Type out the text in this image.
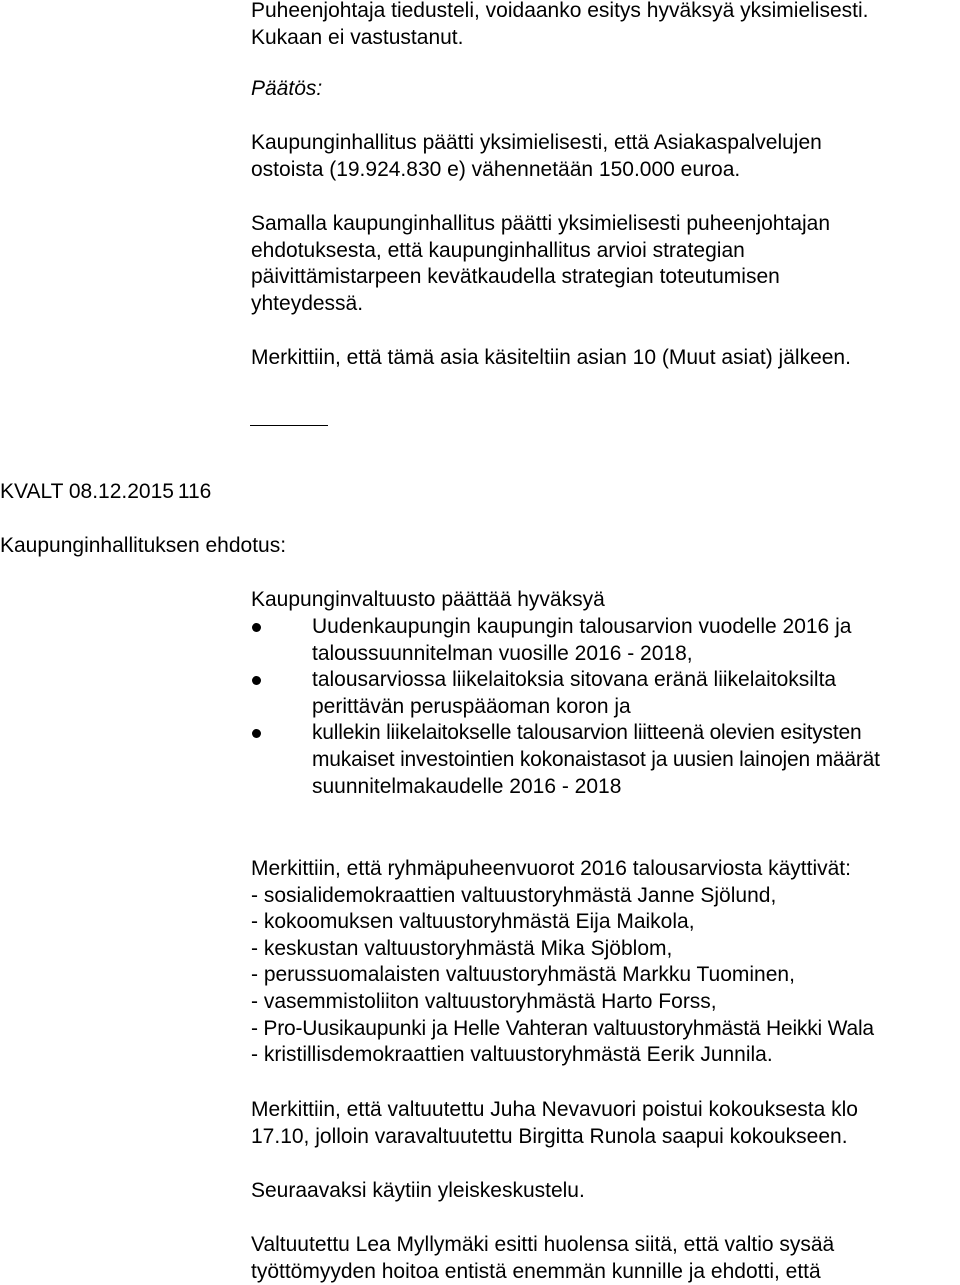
Puheenjohtaja tiedusteli, voidaanko esitys hyväksyä yksimielisesti.
Kukaan ei vastustanut.

Päätös:

Kaupunginhallitus päätti yksimielisesti, että Asiakaspalvelujen
ostoista (19.924.830 e) vähennetään 150.000 euroa.

Samalla kaupunginhallitus päätti yksimielisesti puheenjohtajan
ehdotuksesta, että kaupunginhallitus arvioi strategian
päivittämistarpeen kevätkaudella strategian toteutumisen
yhteydessä.

Merkittiin, että tämä asia käsiteltiin asian 10 (Muut asiat) jälkeen.

KVALT 08.12.2015 116

Kaupunginhallituksen ehdotus:

Kaupunginvaltuusto päättää hyväksyä

Uudenkaupungin kaupungin talousarvion vuodelle 2016 ja
taloussuunnitelman vuosille 2016 - 2018,
talousarviossa liikelaitoksia sitovana eränä liikelaitoksilta
perittävän peruspääoman koron ja
kullekin liikelaitokselle talousarvion liitteenä olevien esitysten
mukaiset investointien kokonaistasot ja uusien lainojen määrät
suunnitelmakaudelle 2016 - 2018

Merkittiin, että ryhmäpuheenvuorot 2016 talousarviosta käyttivät:
- sosialidemokraattien valtuustoryhmästä Janne Sjölund,
- kokoomuksen valtuustoryhmästä Eija Maikola,
- keskustan valtuustoryhmästä Mika Sjöblom,
- perussuomalaisten valtuustoryhmästä Markku Tuominen,
- vasemmistoliiton valtuustoryhmästä Harto Forss,
- Pro-Uusikaupunki ja Helle Vahteran valtuustoryhmästä Heikki Wala
- kristillisdemokraattien valtuustoryhmästä Eerik Junnila.

Merkittiin, että valtuutettu Juha Nevavuori poistui kokouksesta klo
17.10, jolloin varavaltuutettu Birgitta Runola saapui kokoukseen.

Seuraavaksi käytiin yleiskeskustelu.

Valtuutettu Lea Myllymäki esitti huolensa siitä, että valtio sysää
työttömyyden hoitoa entistä enemmän kunnille ja ehdotti, että
